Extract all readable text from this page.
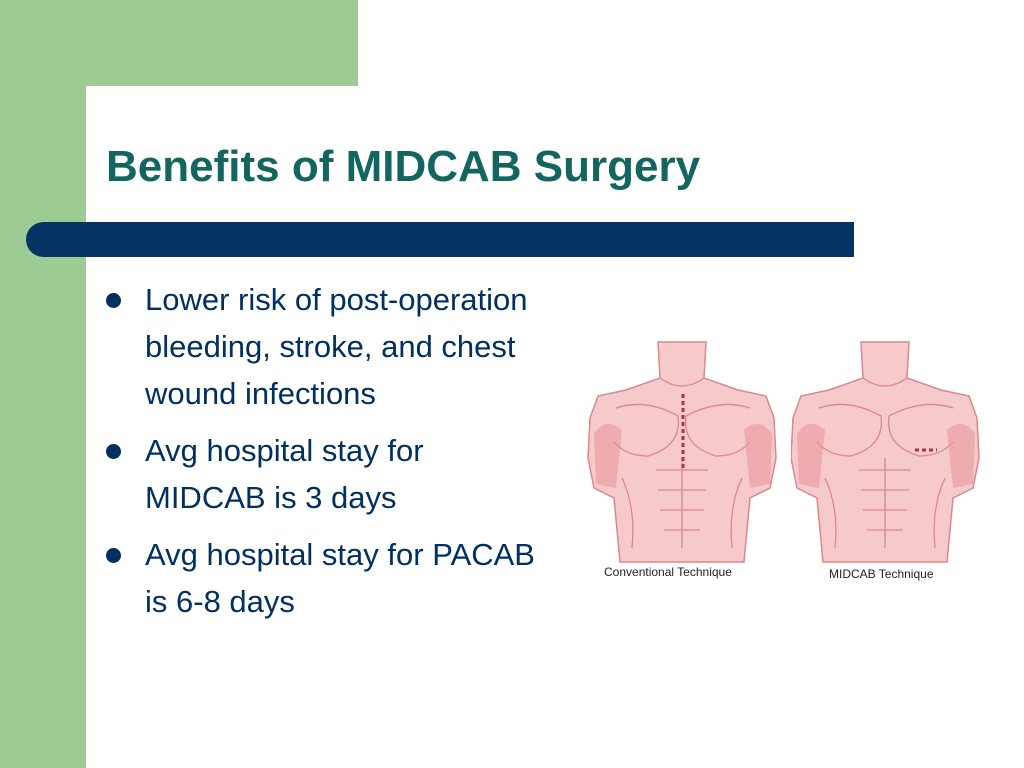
Benefits of MIDCAB Surgery
Lower risk of post-operation bleeding, stroke, and chest wound infections
Avg hospital stay for MIDCAB is 3 days
Avg hospital stay for PACAB is 6-8 days
Conventional Technique	MIDCAB Technique
